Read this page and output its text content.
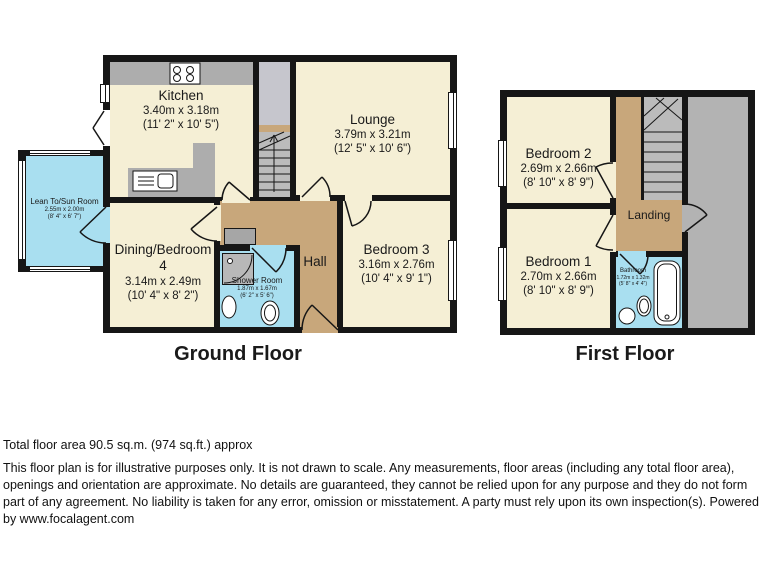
Kitchen
3.40m x 3.18m
(11' 2" x 10' 5")	Lounge
3.79m x 3.21m
(12' 5" x 10' 6")
Lean To/Sun Room
2.55m x 2.00m
(8' 4" x 6' 7")
Dining/Bedroom 4
3.14m x 2.49m
(10' 4" x 8' 2")
Shower Room
1.87m x 1.67m
(6' 2" x 5' 6")
Hall
Bedroom 3
3.16m x 2.76m
(10' 4" x 9' 1")
Bedroom 2
2.69m x 2.66m
(8' 10" x 8' 9")
Landing
Bedroom 1
2.70m x 2.66m
(8' 10" x 8' 9")
Bathroom
1.72m x 1.32m
(5' 8" x 4' 4")
Ground Floor	First Floor
Total floor area 90.5 sq.m. (974 sq.ft.) approx
This floor plan is for illustrative purposes only. It is not drawn to scale. Any measurements, floor areas (including any total floor area), openings and orientation are approximate. No details are guaranteed, they cannot be relied upon for any purpose and they do not form part of any agreement. No liability is taken for any error, omission or misstatement. A party must rely upon its own inspection(s). Powered by www.focalagent.com
